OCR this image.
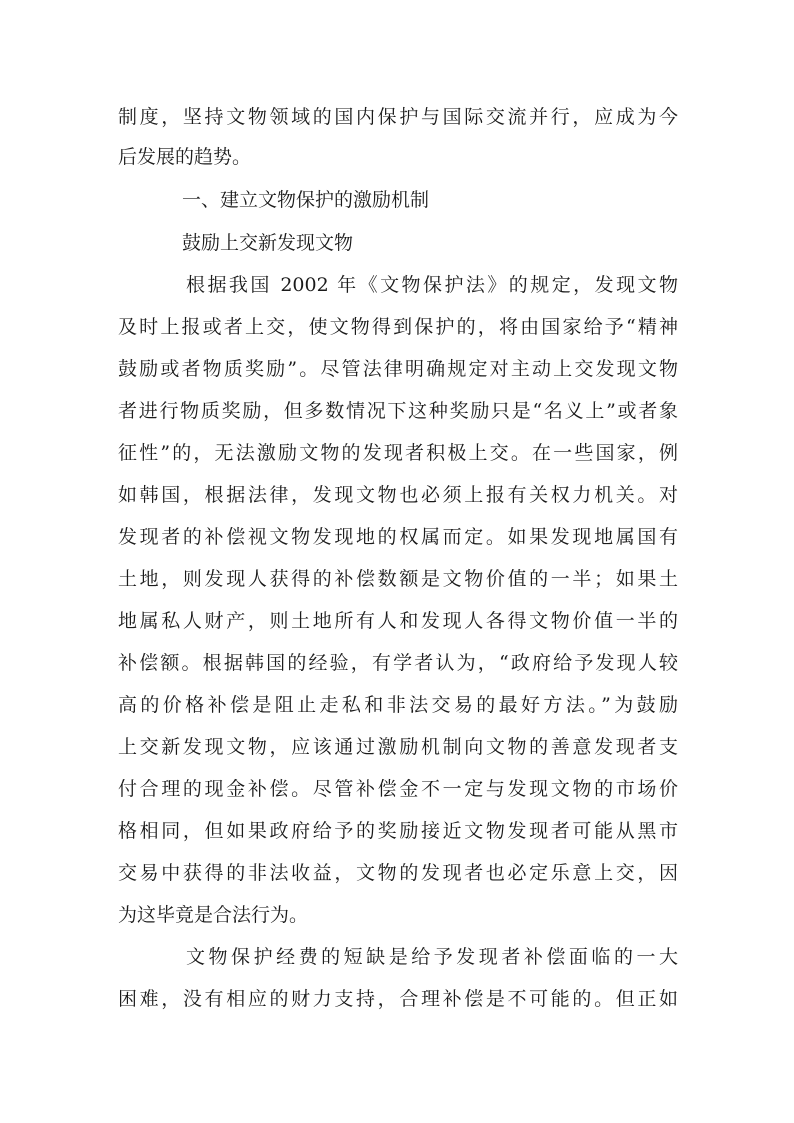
制度，坚持文物领域的国内保护与国际交流并行，应成为今
后发展的趋势。
一、建立文物保护的激励机制
鼓励上交新发现文物
根据我国 2002 年《文物保护法》的规定，发现文物
及时上报或者上交，使文物得到保护的，将由国家给予“精神
鼓励或者物质奖励”。尽管法律明确规定对主动上交发现文物
者进行物质奖励，但多数情况下这种奖励只是“名义上”或者象
征性”的，无法激励文物的发现者积极上交。在一些国家，例
如韩国，根据法律，发现文物也必须上报有关权力机关。对
发现者的补偿视文物发现地的权属而定。如果发现地属国有
土地，则发现人获得的补偿数额是文物价值的一半；如果土
地属私人财产，则土地所有人和发现人各得文物价值一半的
补偿额。根据韩国的经验，有学者认为，“政府给予发现人较
高的价格补偿是阻止走私和非法交易的最好方法。”为鼓励
上交新发现文物，应该通过激励机制向文物的善意发现者支
付合理的现金补偿。尽管补偿金不一定与发现文物的市场价
格相同，但如果政府给予的奖励接近文物发现者可能从黑市
交易中获得的非法收益，文物的发现者也必定乐意上交，因
为这毕竟是合法行为。
文物保护经费的短缺是给予发现者补偿面临的一大
困难，没有相应的财力支持，合理补偿是不可能的。但正如
